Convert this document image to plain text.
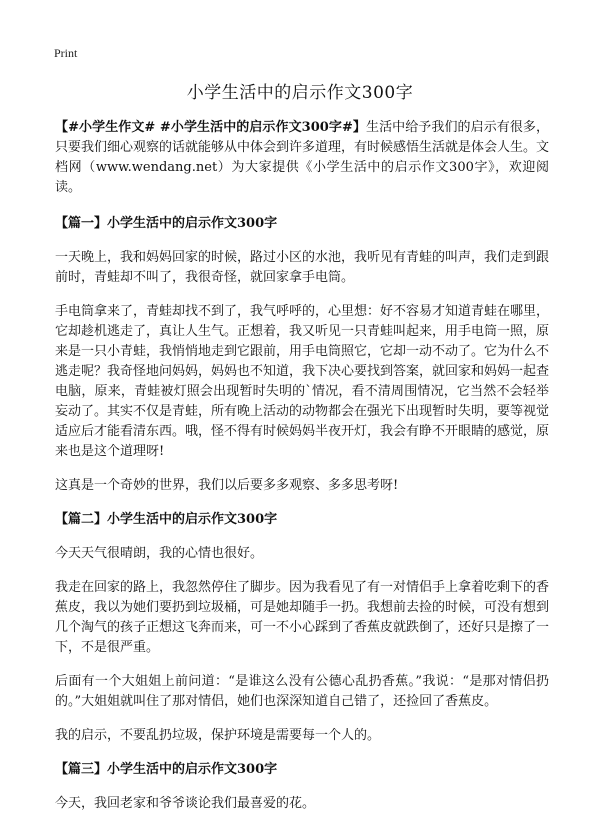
Print
小学生活中的启示作文300字

【#小学生作文# #小学生活中的启示作文300字#】生活中给予我们的启示有很多，只要我们细心观察的话就能够从中体会到许多道理，有时候感悟生活就是体会人生。文档网（www.wendang.net）为大家提供《小学生活中的启示作文300字》，欢迎阅读。

【篇一】小学生活中的启示作文300字

一天晚上，我和妈妈回家的时候，路过小区的水池，我听见有青蛙的叫声，我们走到跟前时，青蛙却不叫了，我很奇怪，就回家拿手电筒。

手电筒拿来了，青蛙却找不到了，我气呼呼的，心里想：好不容易才知道青蛙在哪里，它却趁机逃走了，真让人生气。正想着，我又听见一只青蛙叫起来，用手电筒一照，原来是一只小青蛙，我悄悄地走到它跟前，用手电筒照它，它却一动不动了。它为什么不逃走呢？我奇怪地问妈妈，妈妈也不知道，我下决心要找到答案，就回家和妈妈一起查电脑，原来，青蛙被灯照会出现暂时失明的`情况，看不清周围情况，它当然不会轻举妄动了。其实不仅是青蛙，所有晚上活动的动物都会在强光下出现暂时失明，要等视觉适应后才能看清东西。哦，怪不得有时候妈妈半夜开灯，我会有睁不开眼睛的感觉，原来也是这个道理呀!

这真是一个奇妙的世界，我们以后要多多观察、多多思考呀!

【篇二】小学生活中的启示作文300字

今天天气很晴朗，我的心情也很好。

我走在回家的路上，我忽然停住了脚步。因为我看见了有一对情侣手上拿着吃剩下的香蕉皮，我以为她们要扔到垃圾桶，可是她却随手一扔。我想前去捡的时候，可没有想到几个淘气的孩子正想这飞奔而来，可一不小心踩到了香蕉皮就跌倒了，还好只是擦了一下，不是很严重。

后面有一个大姐姐上前问道：“是谁这么没有公德心乱扔香蕉。”我说：“是那对情侣扔的。”大姐姐就叫住了那对情侣，她们也深深知道自己错了，还捡回了香蕉皮。

我的启示，不要乱扔垃圾，保护环境是需要每一个人的。

【篇三】小学生活中的启示作文300字

今天，我回老家和爷爷谈论我们最喜爱的花。
